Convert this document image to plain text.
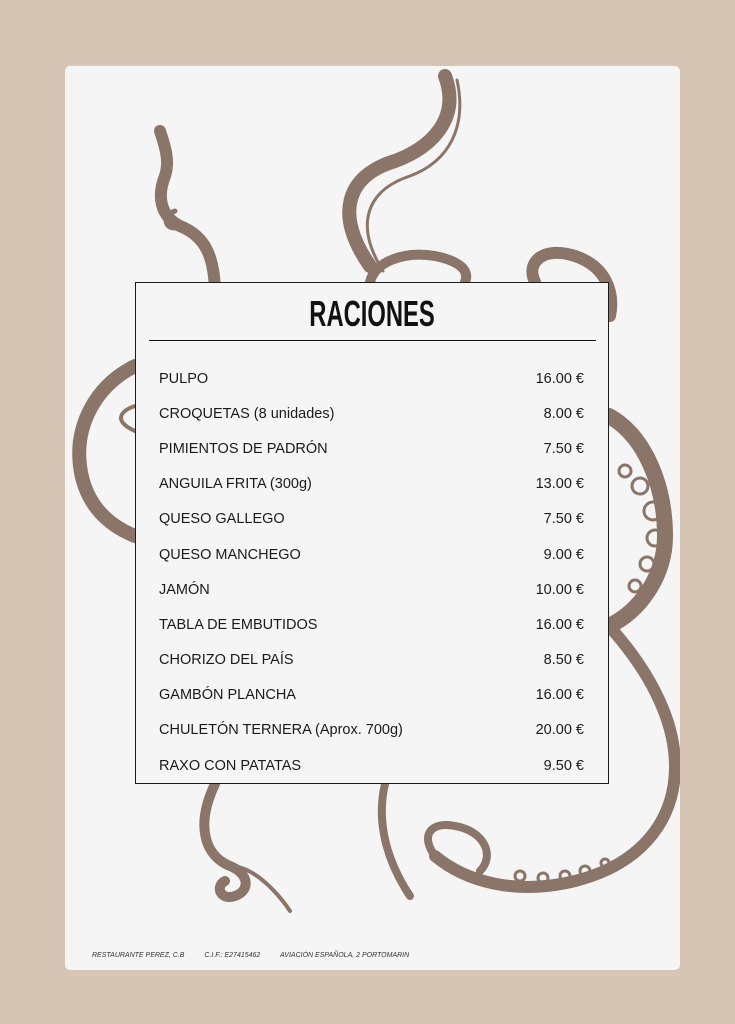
RACIONES
PULPO	16.00 €
CROQUETAS (8 unidades)	8.00 €
PIMIENTOS DE PADRÓN	7.50 €
ANGUILA FRITA (300g)	13.00 €
QUESO GALLEGO	7.50 €
QUESO MANCHEGO	9.00 €
JAMÓN	10.00 €
TABLA DE EMBUTIDOS	16.00 €
CHORIZO DEL PAÍS	8.50 €
GAMBÓN PLANCHA	16.00 €
CHULETÓN TERNERA (Aprox. 700g)	20.00 €
RAXO CON PATATAS	9.50 €
RESTAURANTE PEREZ, C.B	C.I.F.: E27415462	AVIACIÓN ESPAÑOLA, 2 PORTOMARIN
